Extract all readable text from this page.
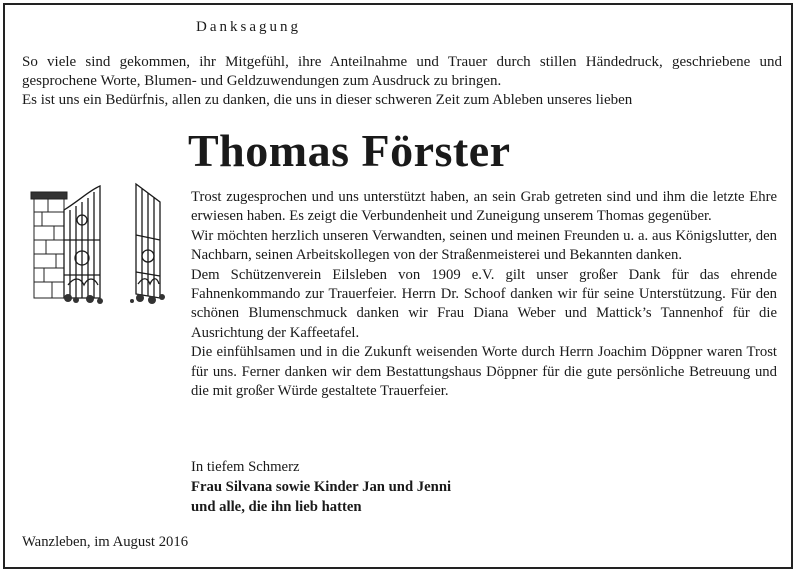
Danksagung

So viele sind gekommen, ihr Mitgefühl, ihre Anteilnahme und Trauer durch stillen Händedruck, geschriebene und gesprochene Worte, Blumen- und Geldzuwendungen zum Ausdruck zu bringen.

Es ist uns ein Bedürfnis, allen zu danken, die uns in dieser schweren Zeit zum Ableben unseres lieben

Thomas Förster

Trost zugesprochen und uns unterstützt haben, an sein Grab getreten sind und ihm die letzte Ehre erwiesen haben. Es zeigt die Verbundenheit und Zuneigung unserem Thomas gegenüber.

Wir möchten herzlich unseren Verwandten, seinen und meinen Freunden u. a. aus Königslutter, den Nachbarn, seinen Arbeitskollegen von der Straßenmeisterei und Bekannten danken.

Dem Schützenverein Eilsleben von 1909 e.V. gilt unser großer Dank für das ehrende Fahnenkommando zur Trauerfeier. Herrn Dr. Schoof danken wir für seine Unterstützung. Für den schönen Blumenschmuck danken wir Frau Diana Weber und Mattick’s Tannenhof für die Ausrichtung der Kaffeetafel.

Die einfühlsamen und in die Zukunft weisenden Worte durch Herrn Joachim Döppner waren Trost für uns. Ferner danken wir dem Bestattungshaus Döppner für die gute persönliche Betreuung und die mit großer Würde gestaltete Trauerfeier.

In tiefem Schmerz
Frau Silvana sowie Kinder Jan und Jenni
und alle, die ihn lieb hatten
Wanzleben, im August 2016
